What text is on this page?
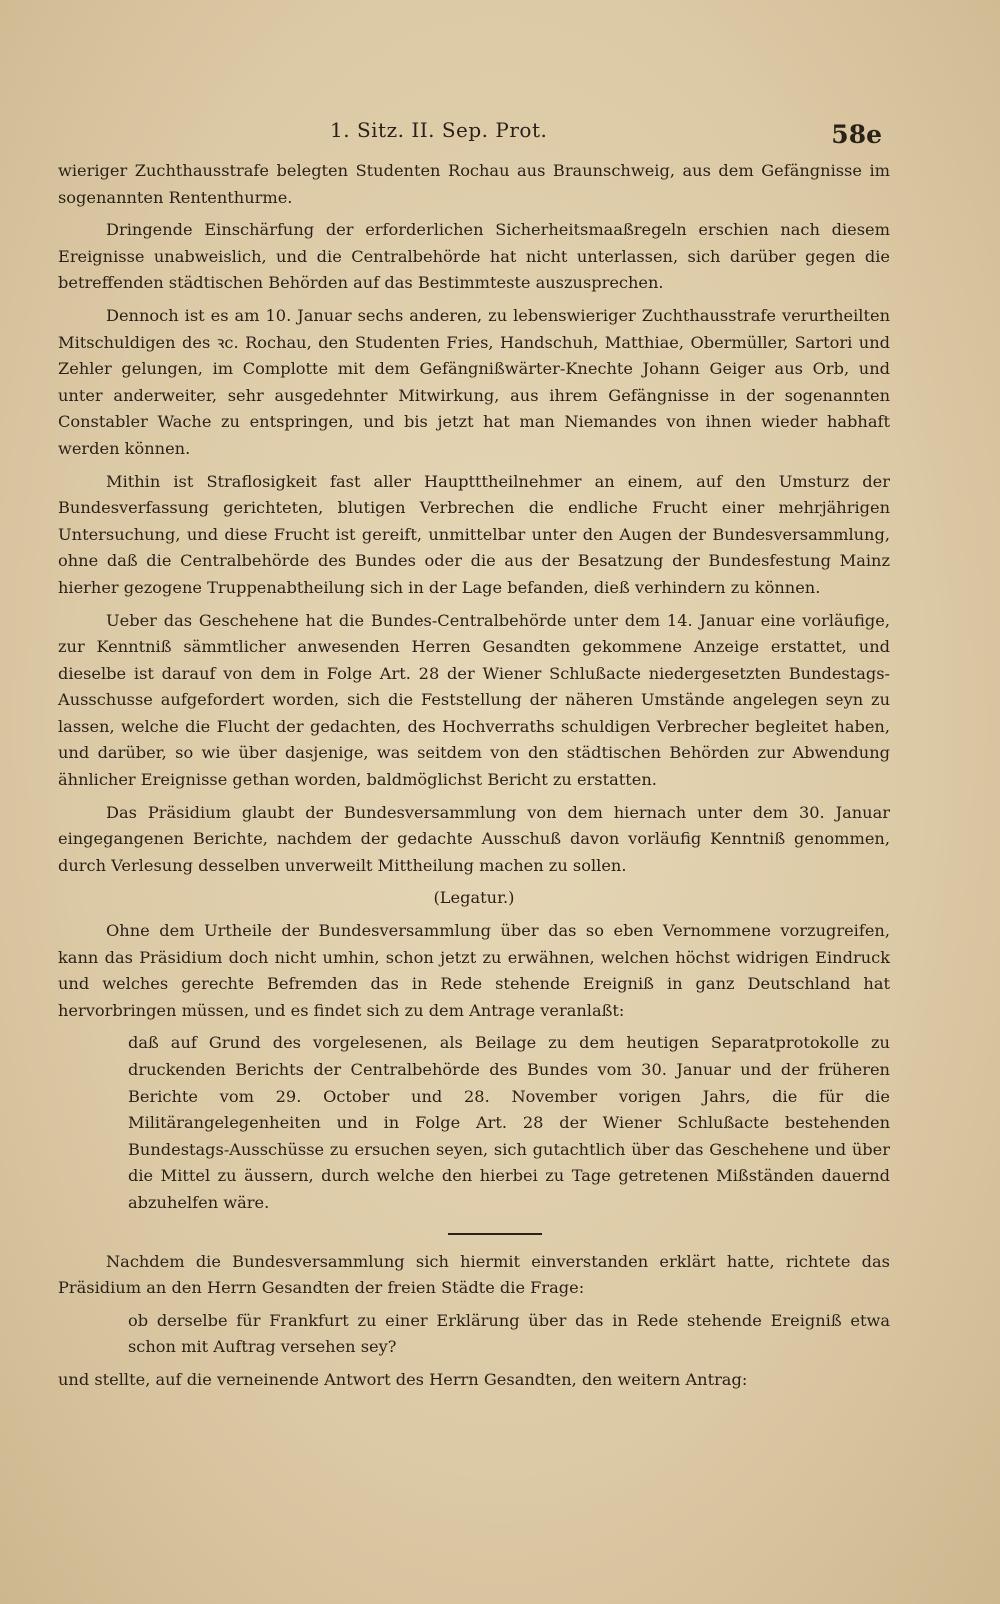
1. Sitz. II. Sep. Prot.	58e

wieriger Zuchthausstrafe belegten Studenten Rochau aus Braunschweig, aus dem Gefängnisse im sogenannten Rententhurme.

Dringende Einschärfung der erforderlichen Sicherheitsmaaßregeln erschien nach diesem Ereignisse unabweislich, und die Centralbehörde hat nicht unterlassen, sich darüber gegen die betreffenden städtischen Behörden auf das Bestimmteste auszusprechen.

Dennoch ist es am 10. Januar sechs anderen, zu lebenswieriger Zuchthausstrafe verurtheilten Mitschuldigen des ꝛc. Rochau, den Studenten Fries, Handschuh, Matthiae, Obermüller, Sartori und Zehler gelungen, im Complotte mit dem Gefängnißwärter-Knechte Johann Geiger aus Orb, und unter anderweiter, sehr ausgedehnter Mitwirkung, aus ihrem Gefängnisse in der sogenannten Constabler Wache zu entspringen, und bis jetzt hat man Niemandes von ihnen wieder habhaft werden können.

Mithin ist Straflosigkeit fast aller Hauptttheilnehmer an einem, auf den Umsturz der Bundesverfassung gerichteten, blutigen Verbrechen die endliche Frucht einer mehrjährigen Untersuchung, und diese Frucht ist gereift, unmittelbar unter den Augen der Bundesversammlung, ohne daß die Centralbehörde des Bundes oder die aus der Besatzung der Bundesfestung Mainz hierher gezogene Truppenabtheilung sich in der Lage befanden, dieß verhindern zu können.

Ueber das Geschehene hat die Bundes-Centralbehörde unter dem 14. Januar eine vorläufige, zur Kenntniß sämmtlicher anwesenden Herren Gesandten gekommene Anzeige erstattet, und dieselbe ist darauf von dem in Folge Art. 28 der Wiener Schlußacte niedergesetzten Bundestags-Ausschusse aufgefordert worden, sich die Feststellung der näheren Umstände angelegen seyn zu lassen, welche die Flucht der gedachten, des Hochverraths schuldigen Verbrecher begleitet haben, und darüber, so wie über dasjenige, was seitdem von den städtischen Behörden zur Abwendung ähnlicher Ereignisse gethan worden, baldmöglichst Bericht zu erstatten.

Das Präsidium glaubt der Bundesversammlung von dem hiernach unter dem 30. Januar eingegangenen Berichte, nachdem der gedachte Ausschuß davon vorläufig Kenntniß genommen, durch Verlesung desselben unverweilt Mittheilung machen zu sollen.

(Legatur.)

Ohne dem Urtheile der Bundesversammlung über das so eben Vernommene vorzugreifen, kann das Präsidium doch nicht umhin, schon jetzt zu erwähnen, welchen höchst widrigen Eindruck und welches gerechte Befremden das in Rede stehende Ereigniß in ganz Deutschland hat hervorbringen müssen, und es findet sich zu dem Antrage veranlaßt:

daß auf Grund des vorgelesenen, als Beilage zu dem heutigen Separatprotokolle zu druckenden Berichts der Centralbehörde des Bundes vom 30. Januar und der früheren Berichte vom 29. October und 28. November vorigen Jahrs, die für die Militärangelegenheiten und in Folge Art. 28 der Wiener Schlußacte bestehenden Bundestags-Ausschüsse zu ersuchen seyen, sich gutachtlich über das Geschehene und über die Mittel zu äussern, durch welche den hierbei zu Tage getretenen Mißständen dauernd abzuhelfen wäre.

Nachdem die Bundesversammlung sich hiermit einverstanden erklärt hatte, richtete das Präsidium an den Herrn Gesandten der freien Städte die Frage:

ob derselbe für Frankfurt zu einer Erklärung über das in Rede stehende Ereigniß etwa schon mit Auftrag versehen sey?

und stellte, auf die verneinende Antwort des Herrn Gesandten, den weitern Antrag:
